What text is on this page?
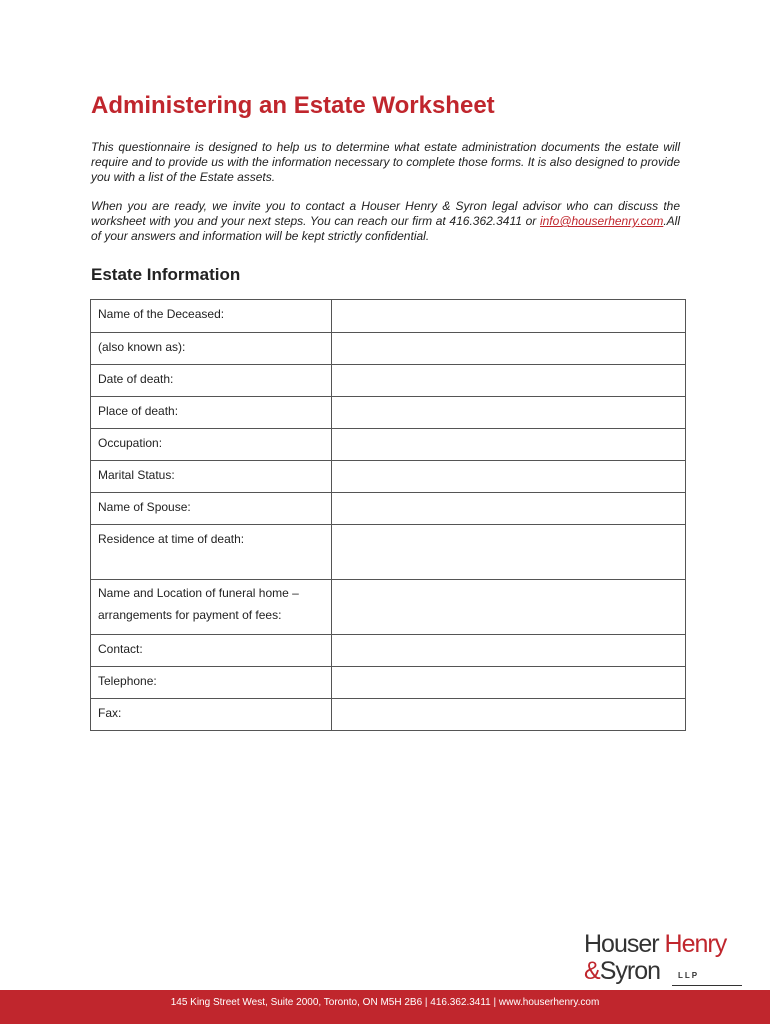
Administering an Estate Worksheet

This questionnaire is designed to help us to determine what estate administration documents the estate will require and to provide us with the information necessary to complete those forms. It is also designed to provide you with a list of the Estate assets.

When you are ready, we invite you to contact a Houser Henry & Syron legal advisor who can discuss the worksheet with you and your next steps. You can reach our firm at 416.362.3411 or info@houserhenry.com.All of your answers and information will be kept strictly confidential.

Estate Information
Name of the Deceased:	
(also known as):	
Date of death:	
Place of death:	
Occupation:	
Marital Status:	
Name of Spouse:	
Residence at time of death:	

Name and Location of funeral home –
arrangements for payment of fees:	

Contact:	
Telephone:	
Fax:	
Houser Henry
&Syron LLP
145 King Street West, Suite 2000, Toronto, ON M5H 2B6 | 416.362.3411 | www.houserhenry.com
